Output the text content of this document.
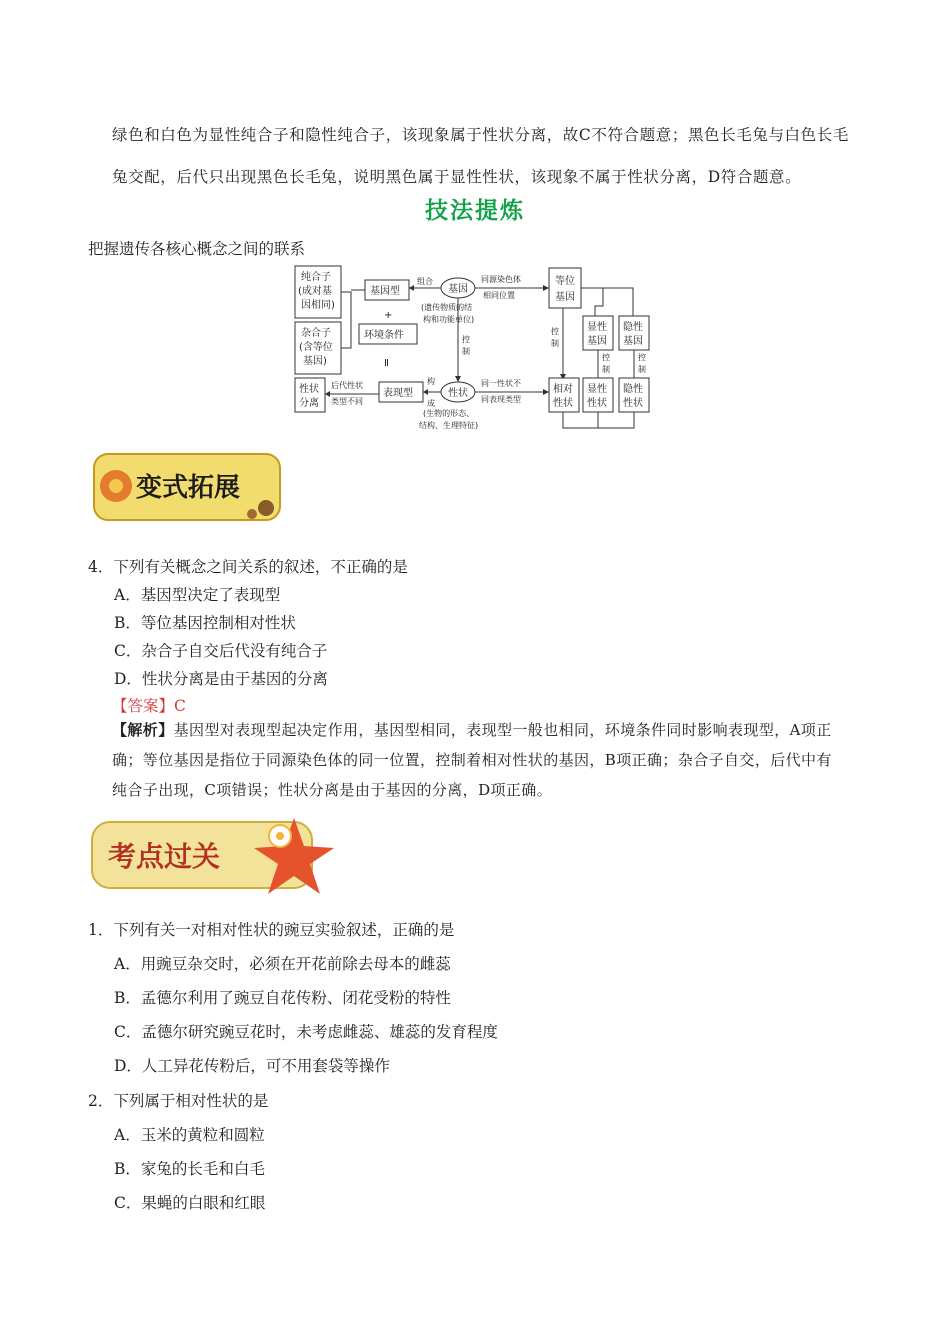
绿色和白色为显性纯合子和隐性纯合子，该现象属于性状分离，故C不符合题意；黑色长毛兔与白色长毛
兔交配，后代只出现黑色长毛兔，说明黑色属于显性性状，该现象不属于性状分离，D符合题意。
技法提炼
把握遗传各核心概念之间的联系
纯合子
(成对基
因相同)
杂合子
(含等位
基因)
基因型
+
环境条件
Ⅱ
组合
基因
(遗传物质的结
构和功能单位)
控
制
同源染色体
相同位置
等位
基因
控
制
显性
基因
隐性
基因
控
制
控
制
性状
分离
后代性状
类型不同
表现型
构
成
性状
(生物的形态、
结构、生理特征)
同一性状不
同表现类型
相对
性状
显性
性状
隐性
性状
变式拓展
4．下列有关概念之间关系的叙述，不正确的是
A．基因型决定了表现型
B．等位基因控制相对性状
C．杂合子自交后代没有纯合子
D．性状分离是由于基因的分离
【答案】C
【解析】基因型对表现型起决定作用，基因型相同，表现型一般也相同，环境条件同时影响表现型，A项正
确；等位基因是指位于同源染色体的同一位置，控制着相对性状的基因，B项正确；杂合子自交，后代中有
纯合子出现，C项错误；性状分离是由于基因的分离，D项正确。
考点过关
1．下列有关一对相对性状的豌豆实验叙述，正确的是
A．用豌豆杂交时，必须在开花前除去母本的雌蕊
B．孟德尔利用了豌豆自花传粉、闭花受粉的特性
C．孟德尔研究豌豆花时，未考虑雌蕊、雄蕊的发育程度
D．人工异花传粉后，可不用套袋等操作
2．下列属于相对性状的是
A．玉米的黄粒和圆粒
B．家兔的长毛和白毛
C．果蝇的白眼和红眼
